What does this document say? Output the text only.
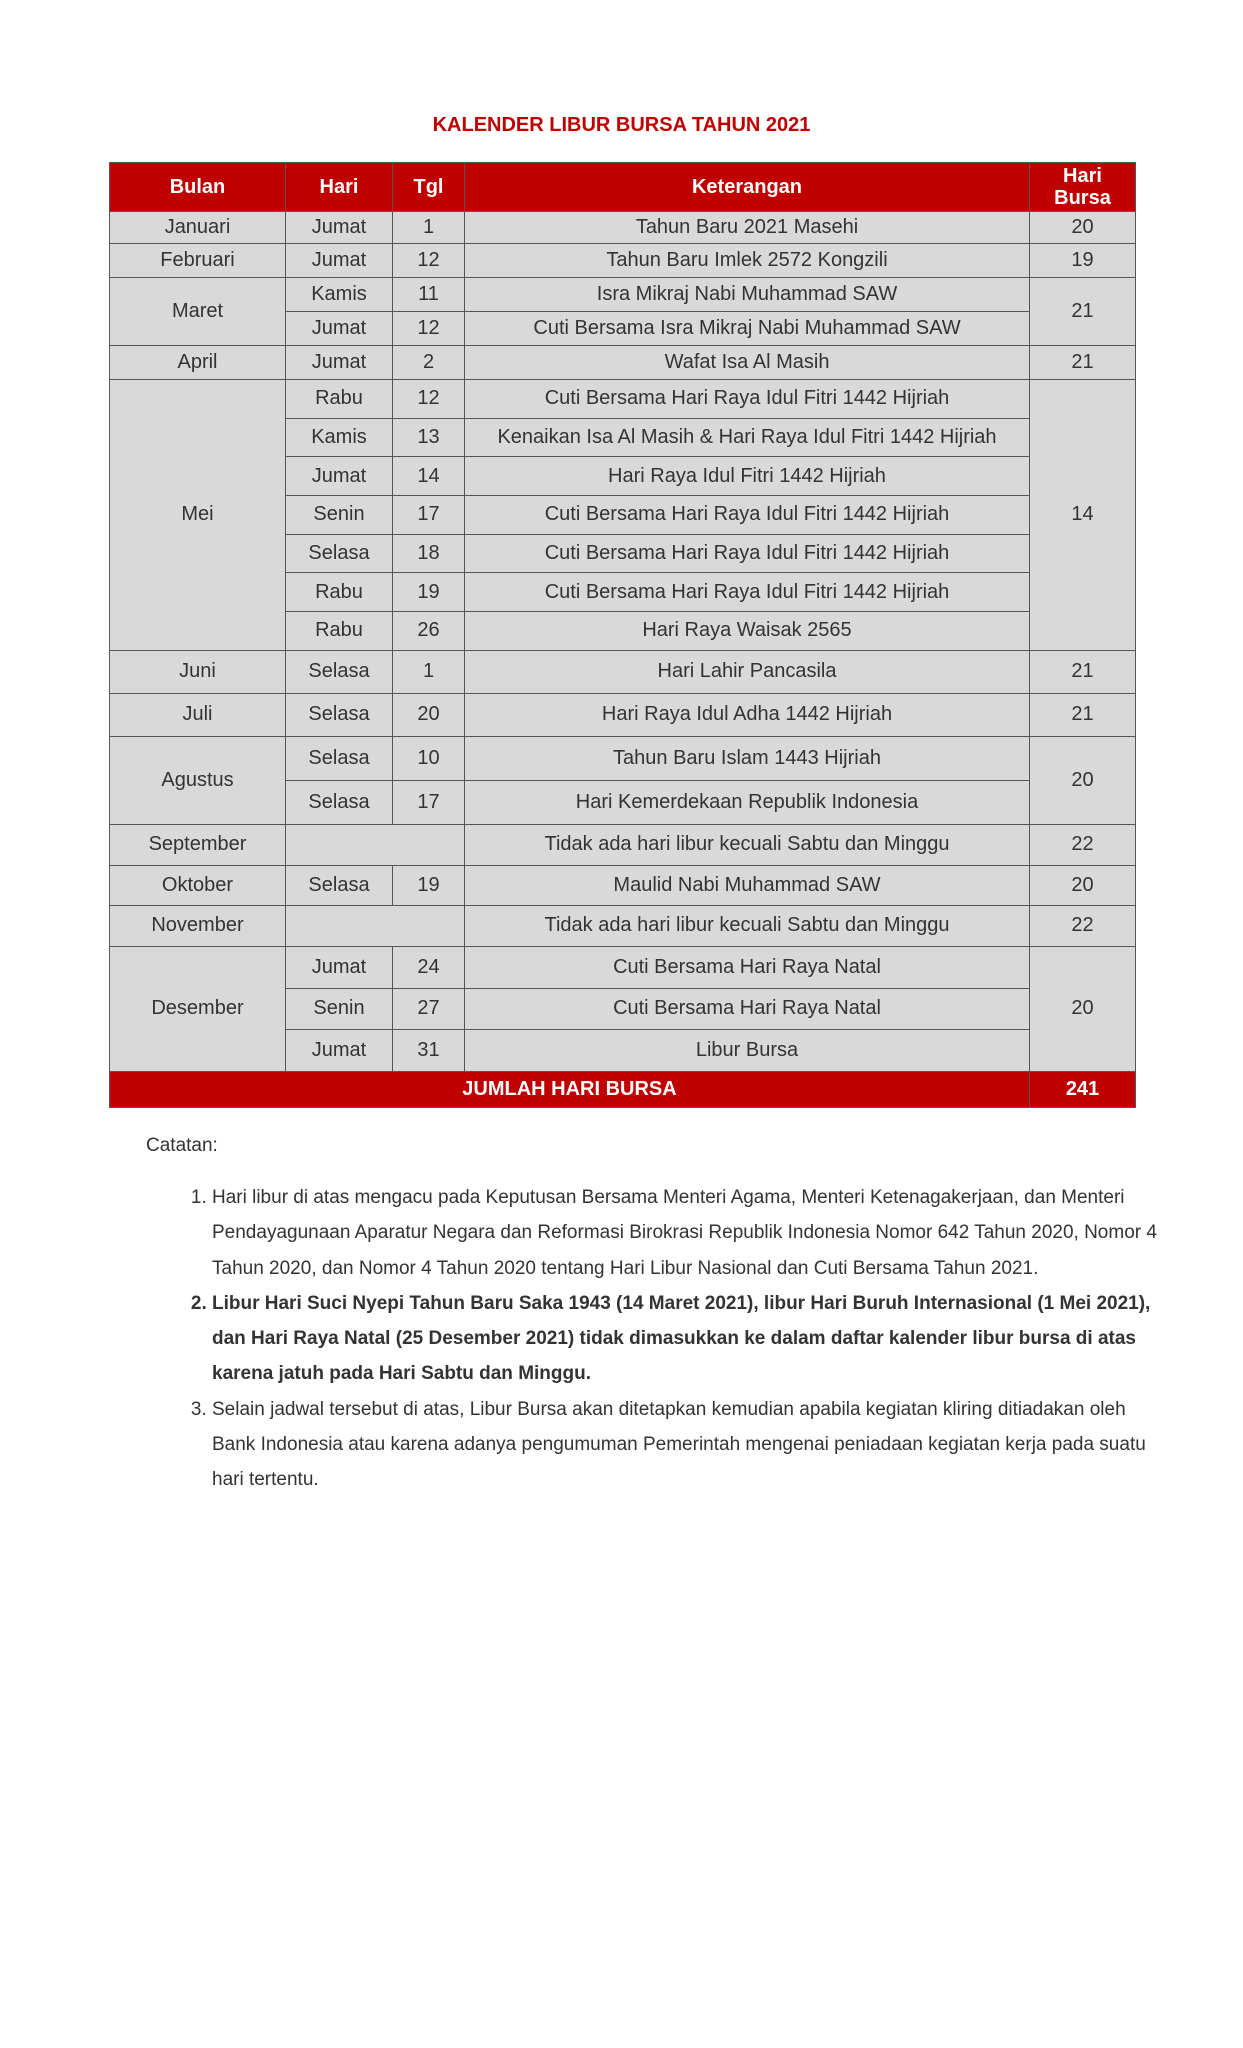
KALENDER LIBUR BURSA TAHUN 2021
Bulan	Hari	Tgl	Keterangan	Hari Bursa
Januari	Jumat	1	Tahun Baru 2021 Masehi	20
Februari	Jumat	12	Tahun Baru Imlek 2572 Kongzili	19
Maret	Kamis	11	Isra Mikraj Nabi Muhammad SAW	21
	Jumat	12	Cuti Bersama Isra Mikraj Nabi Muhammad SAW	
April	Jumat	2	Wafat Isa Al Masih	21
Mei	Rabu	12	Cuti Bersama Hari Raya Idul Fitri 1442 Hijriah	14
	Kamis	13	Kenaikan Isa Al Masih & Hari Raya Idul Fitri 1442 Hijriah	
	Jumat	14	Hari Raya Idul Fitri 1442 Hijriah	
	Senin	17	Cuti Bersama Hari Raya Idul Fitri 1442 Hijriah	
	Selasa	18	Cuti Bersama Hari Raya Idul Fitri 1442 Hijriah	
	Rabu	19	Cuti Bersama Hari Raya Idul Fitri 1442 Hijriah	
	Rabu	26	Hari Raya Waisak 2565	
Juni	Selasa	1	Hari Lahir Pancasila	21
Juli	Selasa	20	Hari Raya Idul Adha 1442 Hijriah	21
Agustus	Selasa	10	Tahun Baru Islam 1443 Hijriah	20
	Selasa	17	Hari Kemerdekaan Republik Indonesia	
September			Tidak ada hari libur kecuali Sabtu dan Minggu	22
Oktober	Selasa	19	Maulid Nabi Muhammad SAW	20
November			Tidak ada hari libur kecuali Sabtu dan Minggu	22
Desember	Jumat	24	Cuti Bersama Hari Raya Natal	20
	Senin	27	Cuti Bersama Hari Raya Natal	
	Jumat	31	Libur Bursa	
JUMLAH HARI BURSA				241
Catatan:
1. Hari libur di atas mengacu pada Keputusan Bersama Menteri Agama, Menteri Ketenagakerjaan, dan Menteri Pendayagunaan Aparatur Negara dan Reformasi Birokrasi Republik Indonesia Nomor 642 Tahun 2020, Nomor 4 Tahun 2020, dan Nomor 4 Tahun 2020 tentang Hari Libur Nasional dan Cuti Bersama Tahun 2021.
2. Libur Hari Suci Nyepi Tahun Baru Saka 1943 (14 Maret 2021), libur Hari Buruh Internasional (1 Mei 2021), dan Hari Raya Natal (25 Desember 2021) tidak dimasukkan ke dalam daftar kalender libur bursa di atas karena jatuh pada Hari Sabtu dan Minggu.
3. Selain jadwal tersebut di atas, Libur Bursa akan ditetapkan kemudian apabila kegiatan kliring ditiadakan oleh Bank Indonesia atau karena adanya pengumuman Pemerintah mengenai peniadaan kegiatan kerja pada suatu hari tertentu.
